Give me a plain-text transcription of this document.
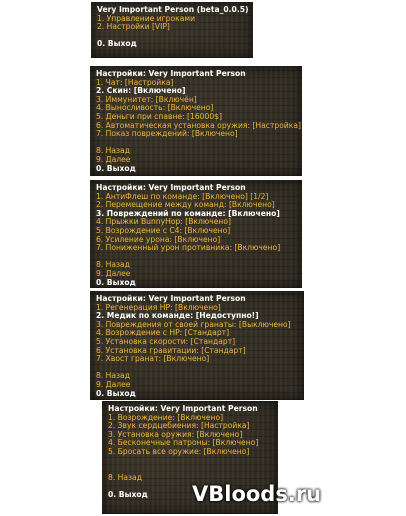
Very Important Person (beta_0.0.5)
1. Управление игроками
2. Настройки [VIP]
0. Выход
Настройки: Very Important Person
1. Чат: [Настройка]
2. Скин: [Включено]
3. Иммунитет: [Включён]
4. Выносливость: [Включено]
5. Деньги при спавне: [16000$]
6. Автоматическая установка оружия: [Настройка]
7. Показ повреждений: [Включено]
8. Назад
9. Далее
0. Выход
Настройки: Very Important Person
1. АнтиФлеш по команде: [Включено] [1/2]
2. Перемещение между команд: [Включено]
3. Повреждений по команде: [Включено]
4. Прыжки BunnyHop: [Включено]
5. Возрождение с С4: [Включено]
6. Усиление урона: [Включено]
7. Пониженный урон противника: [Включено]
8. Назад
9. Далее
0. Выход
Настройки: Very Important Person
1. Регенерация HP: [Включено]
2. Медик по команде: [Недоступно!]
3. Повреждения от своей гранаты: [Выключено]
4. Возрождение с HP: [Стандарт]
5. Установка скорости: [Стандарт]
6. Установка гравитации: [Стандарт]
7. Хвост гранат: [Включено]
8. Назад
9. Далее
0. Выход
Настройки: Very Important Person
1. Возрождение: [Включено]
2. Звук сердцебиения: [Настройка]
3. Установка оружия: [Включено]
4. Бесконечные патроны: [Включено]
5. Бросать все оружие: [Включено]
8. Назад
0. Выход	VBloods.ru
